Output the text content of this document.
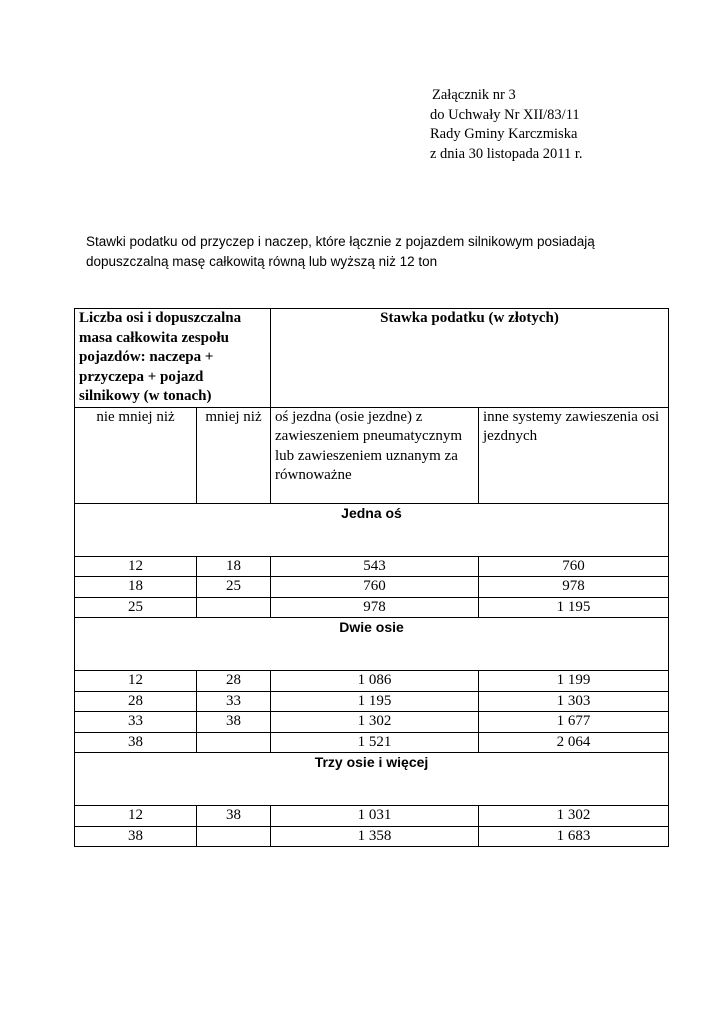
Załącznik nr 3
do Uchwały Nr XII/83/11
Rady Gminy Karczmiska
z dnia 30 listopada 2011 r.
Stawki podatku od przyczep i naczep, które łącznie z pojazdem silnikowym posiadają
dopuszczalną masę całkowitą równą lub wyższą niż 12 ton
Liczba osi i dopuszczalna masa całkowita zespołu pojazdów: naczepa + przyczepa + pojazd silnikowy (w tonach)		Stawka podatku (w złotych)	
nie mniej niż	mniej niż	oś jezdna (osie jezdne) z zawieszeniem pneumatycznym lub zawieszeniem uznanym za równoważne	inne systemy zawieszenia osi jezdnych
Jedna oś			
12	18	543	760
18	25	760	978
25		978	1 195
Dwie osie			
12	28	1 086	1 199
28	33	1 195	1 303
33	38	1 302	1 677
38		1 521	2 064
Trzy osie i więcej			
12	38	1 031	1 302
38		1 358	1 683
